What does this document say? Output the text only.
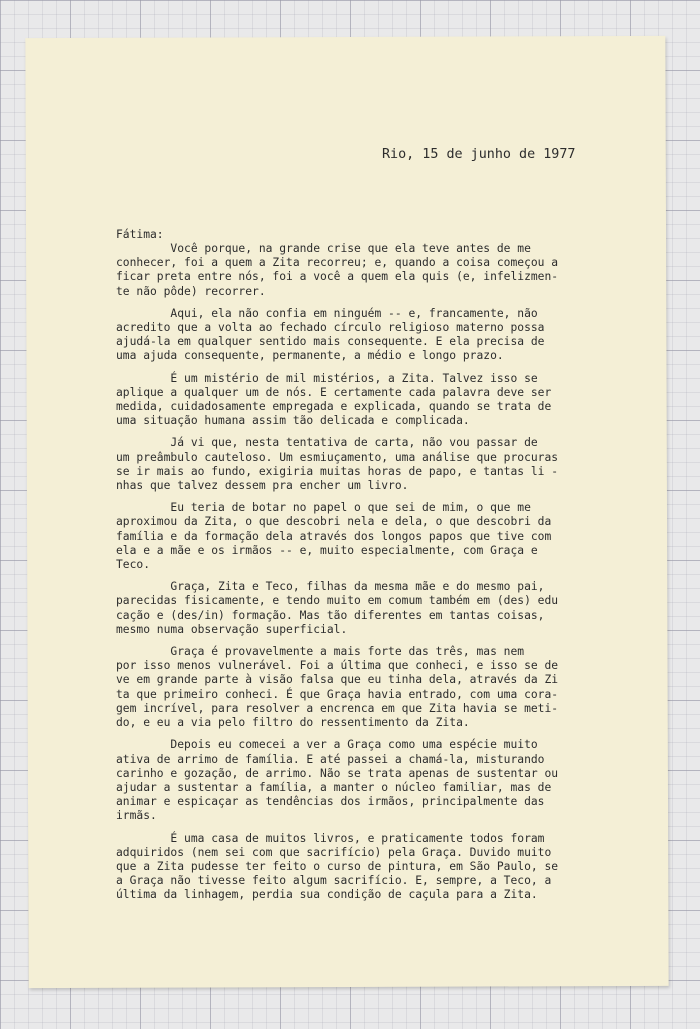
Rio, 15 de junho de 1977
Fátima:
Você porque, na grande crise que ela teve antes de me
conhecer, foi a quem a Zita recorreu; e, quando a coisa começou a
ficar preta entre nós, foi a você a quem ela quis (e, infelizmen-
te não pôde) recorrer.
Aqui, ela não confia em ninguém -- e, francamente, não
acredito que a volta ao fechado círculo religioso materno possa
ajudá-la em qualquer sentido mais consequente. E ela precisa de
uma ajuda consequente, permanente, a médio e longo prazo.
É um mistério de mil mistérios, a Zita. Talvez isso se
aplique a qualquer um de nós. E certamente cada palavra deve ser
medida, cuidadosamente empregada e explicada, quando se trata de
uma situação humana assim tão delicada e complicada.
Já vi que, nesta tentativa de carta, não vou passar de
um preâmbulo cauteloso. Um esmiuçamento, uma análise que procuras
se ir mais ao fundo, exigiria muitas horas de papo, e tantas li -
nhas que talvez dessem pra encher um livro.
Eu teria de botar no papel o que sei de mim, o que me
aproximou da Zita, o que descobri nela e dela, o que descobri da
família e da formação dela através dos longos papos que tive com
ela e a mãe e os irmãos -- e, muito especialmente, com Graça e
Teco.
Graça, Zita e Teco, filhas da mesma mãe e do mesmo pai,
parecidas fisicamente, e tendo muito em comum também em (des) edu
cação e (des/in) formação. Mas tão diferentes em tantas coisas,
mesmo numa observação superficial.
Graça é provavelmente a mais forte das três, mas nem
por isso menos vulnerável. Foi a última que conheci, e isso se de
ve em grande parte à visão falsa que eu tinha dela, através da Zi
ta que primeiro conheci. É que Graça havia entrado, com uma cora-
gem incrível, para resolver a encrenca em que Zita havia se meti-
do, e eu a via pelo filtro do ressentimento da Zita.
Depois eu comecei a ver a Graça como uma espécie muito
ativa de arrimo de família. E até passei a chamá-la, misturando
carinho e gozação, de arrimo. Não se trata apenas de sustentar ou
ajudar a sustentar a família, a manter o núcleo familiar, mas de
animar e espicaçar as tendências dos irmãos, principalmente das
irmãs.
É uma casa de muitos livros, e praticamente todos foram
adquiridos (nem sei com que sacrifício) pela Graça. Duvido muito
que a Zita pudesse ter feito o curso de pintura, em São Paulo, se
a Graça não tivesse feito algum sacrifício. E, sempre, a Teco, a
última da linhagem, perdia sua condição de caçula para a Zita.
